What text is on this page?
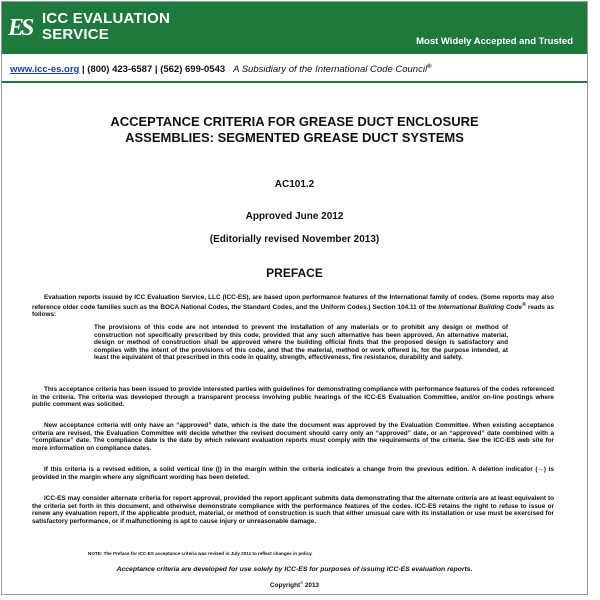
ES ICC EVALUATION
SERVICE	Most Widely Accepted and Trusted
www.icc-es.org | (800) 423-6587 | (562) 699-0543 A Subsidiary of the International Code Council®
ACCEPTANCE CRITERIA FOR GREASE DUCT ENCLOSURE
ASSEMBLIES: SEGMENTED GREASE DUCT SYSTEMS
AC101.2
Approved June 2012
(Editorially revised November 2013)
PREFACE

Evaluation reports issued by ICC Evaluation Service, LLC (ICC-ES), are based upon performance features of the International family of codes. (Some reports may also reference older code families such as the BOCA National Codes, the Standard Codes, and the Uniform Codes.) Section 104.11 of the International Building Code® reads as follows:

The provisions of this code are not intended to prevent the installation of any materials or to prohibit any design or method of construction not specifically prescribed by this code, provided that any such alternative has been approved. An alternative material, design or method of construction shall be approved where the building official finds that the proposed design is satisfactory and complies with the intent of the provisions of this code, and that the material, method or work offered is, for the purpose intended, at least the equivalent of that prescribed in this code in quality, strength, effectiveness, fire resistance, durability and safety.

This acceptance criteria has been issued to provide interested parties with guidelines for demonstrating compliance with performance features of the codes referenced in the criteria. The criteria was developed through a transparent process involving public hearings of the ICC-ES Evaluation Committee, and/or on-line postings where public comment was solicited.

New acceptance criteria will only have an “approved” date, which is the date the document was approved by the Evaluation Committee. When existing acceptance criteria are revised, the Evaluation Committee will decide whether the revised document should carry only an “approved” date, or an “approved” date combined with a “compliance” date. The compliance date is the date by which relevant evaluation reports must comply with the requirements of the criteria. See the ICC-ES web site for more information on compliance dates.

If this criteria is a revised edition, a solid vertical line (|) in the margin within the criteria indicates a change from the previous edition. A deletion indicator (→) is provided in the margin where any significant wording has been deleted.

ICC-ES may consider alternate criteria for report approval, provided the report applicant submits data demonstrating that the alternate criteria are at least equivalent to the criteria set forth in this document, and otherwise demonstrate compliance with the performance features of the codes. ICC-ES retains the right to refuse to issue or renew any evaluation report, if the applicable product, material, or method of construction is such that either unusual care with its installation or use must be exercised for satisfactory performance, or if malfunctioning is apt to cause injury or unreasonable damage.

NOTE: The Preface for ICC-ES acceptance criteria was revised in July 2011 to reflect changes in policy.
Acceptance criteria are developed for use solely by ICC-ES for purposes of issuing ICC-ES evaluation reports.
Copyright© 2013
